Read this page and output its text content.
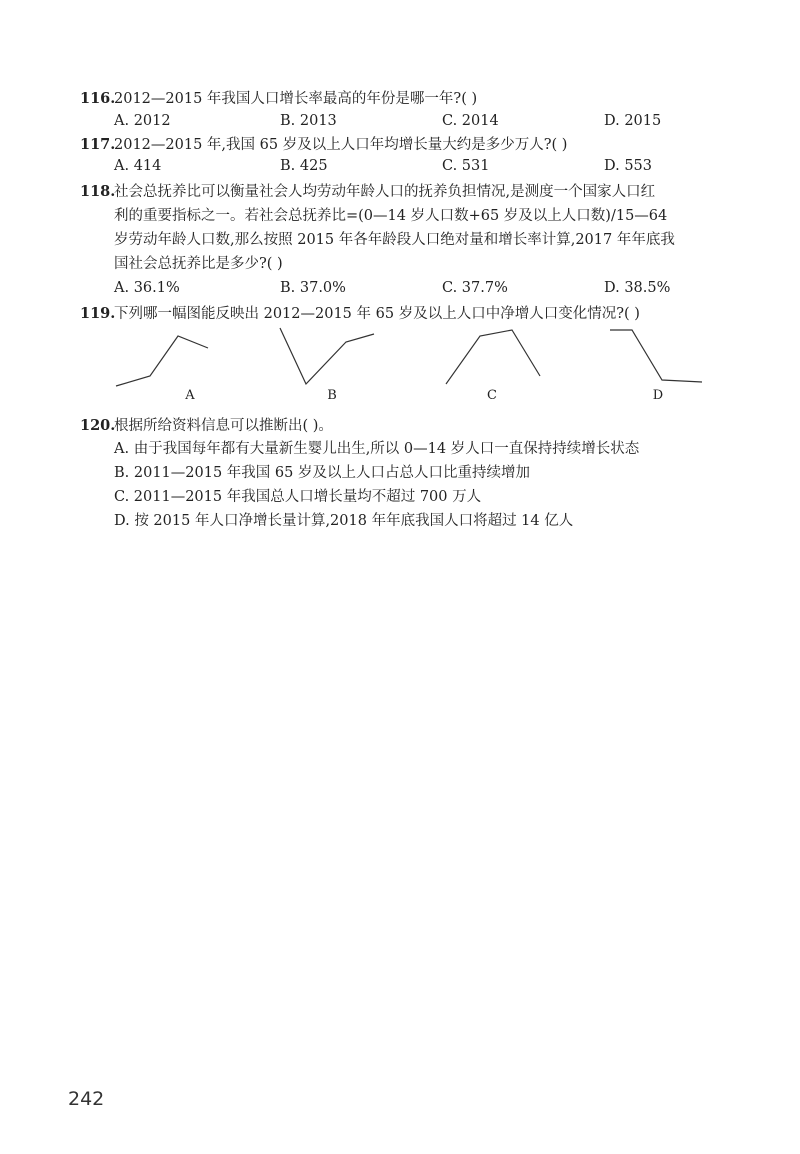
116.2012—2015 年我国人口增长率最高的年份是哪一年?( )
A. 2012	B. 2013	C. 2014	D. 2015
117.2012—2015 年,我国 65 岁及以上人口年均增长量大约是多少万人?( )
A. 414	B. 425	C. 531	D. 553
118.社会总抚养比可以衡量社会人均劳动年龄人口的抚养负担情况,是测度一个国家人口红
利的重要指标之一。若社会总抚养比=(0—14 岁人口数+65 岁及以上人口数)/15—64
岁劳动年龄人口数,那么按照 2015 年各年龄段人口绝对量和增长率计算,2017 年年底我
国社会总抚养比是多少?( )
A. 36.1%	B. 37.0%	C. 37.7%	D. 38.5%
119.下列哪一幅图能反映出 2012—2015 年 65 岁及以上人口中净增人口变化情况?( )
A	B	C	D
120.根据所给资料信息可以推断出( )。
A. 由于我国每年都有大量新生婴儿出生,所以 0—14 岁人口一直保持持续增长状态
B. 2011—2015 年我国 65 岁及以上人口占总人口比重持续增加
C. 2011—2015 年我国总人口增长量均不超过 700 万人
D. 按 2015 年人口净增长量计算,2018 年年底我国人口将超过 14 亿人
242
